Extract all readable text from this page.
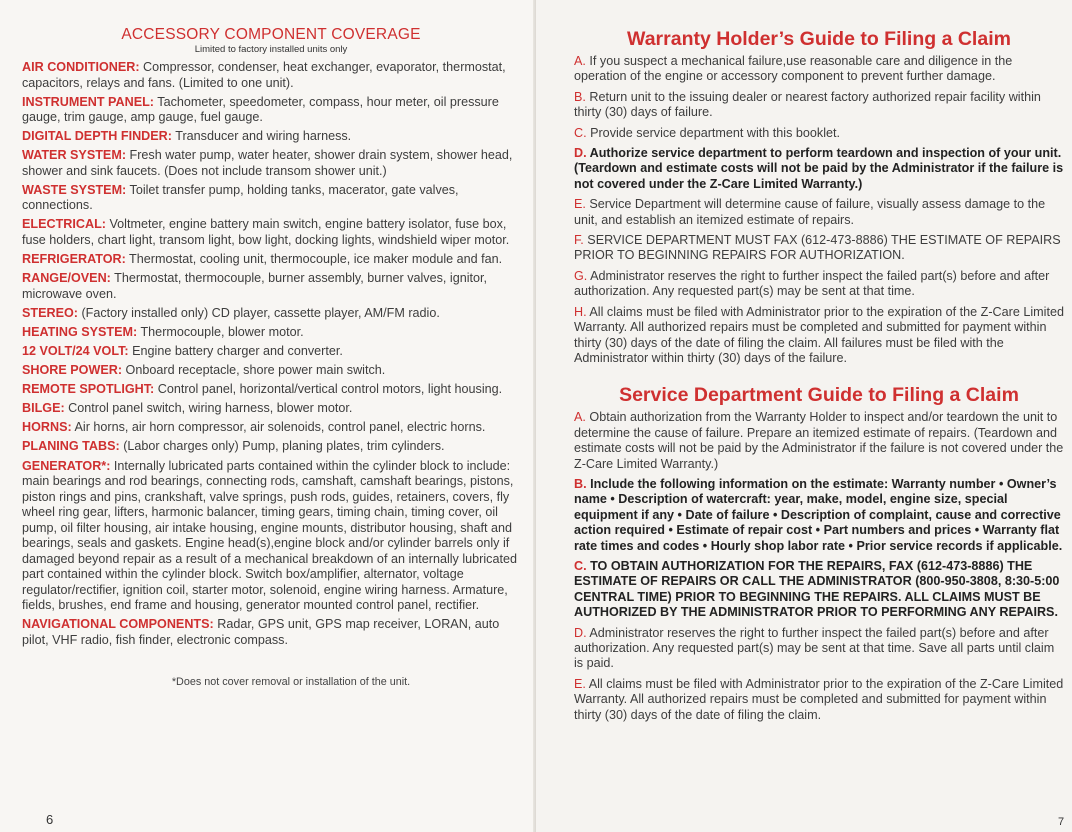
ACCESSORY COMPONENT COVERAGE
Limited to factory installed units only
AIR CONDITIONER: Compressor, condenser, heat exchanger, evaporator, thermostat, capacitors, relays and fans. (Limited to one unit).
INSTRUMENT PANEL: Tachometer, speedometer, compass, hour meter, oil pressure gauge, trim gauge, amp gauge, fuel gauge.
DIGITAL DEPTH FINDER: Transducer and wiring harness.
WATER SYSTEM: Fresh water pump, water heater, shower drain system, shower head, shower and sink faucets. (Does not include transom shower unit.)
WASTE SYSTEM: Toilet transfer pump, holding tanks, macerator, gate valves, connections.
ELECTRICAL: Voltmeter, engine battery main switch, engine battery isolator, fuse box, fuse holders, chart light, transom light, bow light, docking lights, windshield wiper motor.
REFRIGERATOR: Thermostat, cooling unit, thermocouple, ice maker module and fan.
RANGE/OVEN: Thermostat, thermocouple, burner assembly, burner valves, ignitor, microwave oven.
STEREO: (Factory installed only) CD player, cassette player, AM/FM radio.
HEATING SYSTEM: Thermocouple, blower motor.
12 VOLT/24 VOLT: Engine battery charger and converter.
SHORE POWER: Onboard receptacle, shore power main switch.
REMOTE SPOTLIGHT: Control panel, horizontal/vertical control motors, light housing.
BILGE: Control panel switch, wiring harness, blower motor.
HORNS: Air horns, air horn compressor, air solenoids, control panel, electric horns.
PLANING TABS: (Labor charges only) Pump, planing plates, trim cylinders.
GENERATOR*: Internally lubricated parts contained within the cylinder block to include: main bearings and rod bearings, connecting rods, camshaft, camshaft bearings, pistons, piston rings and pins, crankshaft, valve springs, push rods, guides, retainers, covers, fly wheel ring gear, lifters, harmonic balancer, timing gears, timing chain, timing cover, oil pump, oil filter housing, air intake housing, engine mounts, distributor housing, shaft and bearings, seals and gaskets. Engine head(s),engine block and/or cylinder barrels only if damaged beyond repair as a result of a mechanical breakdown of an internally lubricated part contained within the cylinder block. Switch box/amplifier, alternator, voltage regulator/rectifier, ignition coil, starter motor, solenoid, engine wiring harness. Armature, fields, brushes, end frame and housing, generator mounted control panel, rectifier.
NAVIGATIONAL COMPONENTS: Radar, GPS unit, GPS map receiver, LORAN, auto pilot, VHF radio, fish finder, electronic compass.
*Does not cover removal or installation of the unit.
6
Warranty Holder’s Guide to Filing a Claim
A. If you suspect a mechanical failure,use reasonable care and diligence in the operation of the engine or accessory component to prevent further damage.
B. Return unit to the issuing dealer or nearest factory authorized repair facility within thirty (30) days of failure.
C. Provide service department with this booklet.
D. Authorize service department to perform teardown and inspection of your unit. (Teardown and estimate costs will not be paid by the Administrator if the failure is not covered under the Z-Care Limited Warranty.)
E. Service Department will determine cause of failure, visually assess damage to the unit, and establish an itemized estimate of repairs.
F. SERVICE DEPARTMENT MUST FAX (612-473-8886) THE ESTIMATE OF REPAIRS PRIOR TO BEGINNING REPAIRS FOR AUTHORIZATION.
G. Administrator reserves the right to further inspect the failed part(s) before and after authorization. Any requested part(s) may be sent at that time.
H. All claims must be filed with Administrator prior to the expiration of the Z-Care Limited Warranty. All authorized repairs must be completed and submitted for payment within thirty (30) days of the date of filing the claim. All failures must be filed with the Administrator within thirty (30) days of the failure.
Service Department Guide to Filing a Claim
A. Obtain authorization from the Warranty Holder to inspect and/or teardown the unit to determine the cause of failure. Prepare an itemized estimate of repairs. (Teardown and estimate costs will not be paid by the Administrator if the failure is not covered under the Z-Care Limited Warranty.)
B. Include the following information on the estimate: Warranty number • Owner’s name • Description of watercraft: year, make, model, engine size, special equipment if any • Date of failure • Description of complaint, cause and corrective action required • Estimate of repair cost • Part numbers and prices • Warranty flat rate times and codes • Hourly shop labor rate • Prior service records if applicable.
C. TO OBTAIN AUTHORIZATION FOR THE REPAIRS, FAX (612-473-8886) THE ESTIMATE OF REPAIRS OR CALL THE ADMINISTRATOR (800-950-3808, 8:30-5:00 CENTRAL TIME) PRIOR TO BEGINNING THE REPAIRS. ALL CLAIMS MUST BE AUTHORIZED BY THE ADMINISTRATOR PRIOR TO PERFORMING ANY REPAIRS.
D. Administrator reserves the right to further inspect the failed part(s) before and after authorization. Any requested part(s) may be sent at that time. Save all parts until claim is paid.
E. All claims must be filed with Administrator prior to the expiration of the Z-Care Limited Warranty. All authorized repairs must be completed and submitted for payment within thirty (30) days of the date of filing the claim.
7
